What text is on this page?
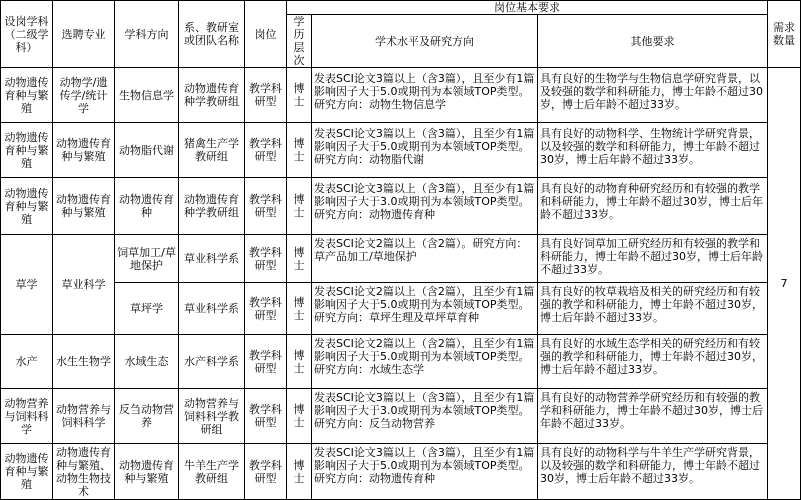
设岗学科（二级学科）	选聘专业	学科方向	系、教研室或团队名称	岗位	岗位基本要求			需求数量
					学历层次	学术水平及研究方向	其他要求	
动物遗传育种与繁殖	动物学/遗传学/统计学	生物信息学	动物遗传育种学教研组	教学科研型	博士	发表SCI论文3篇以上（含3篇），且至少有1篇影响因子大于5.0或期刊为本领域TOP类型。研究方向：动物生物信息学	具有良好的生物学与生物信息学研究背景，以及较强的数学和科研能力，博士年龄不超过30岁，博士后年龄不超过33岁。	7
动物遗传育种与繁殖	动物遗传育种与繁殖	动物脂代谢	猪禽生产学教研组	教学科研型	博士	发表SCI论文3篇以上（含3篇），且至少有1篇影响因子大于5.0或期刊为本领域TOP类型。研究方向：动物脂代谢	具有良好的动物科学、生物统计学研究背景，以及较强的数学和科研能力，博士年龄不超过30岁，博士后年龄不超过33岁。	
动物遗传育种与繁殖	动物遗传育种与繁殖	动物遗传育种	动物遗传育种学教研组	教学科研型	博士	发表SCI论文3篇以上（含3篇），且至少有1篇影响因子大于3.0或期刊为本领域TOP类型。研究方向：动物遗传育种	具有良好的动物育种研究经历和有较强的教学和科研能力，博士年龄不超过30岁，博士后年龄不超过33岁。	
草学	草业科学	饲草加工/草地保护	草业科学系	教学科研型	博士	发表SCI论文2篇以上（含2篇）。研究方向：草产品加工/草地保护	具有良好饲草加工研究经历和有较强的教学和科研能力，博士年龄不超过30岁，博士后年龄不超过33岁。	
		草坪学	草业科学系	教学科研型	博士	发表SCI论文2篇以上（含2篇），且至少有1篇影响因子大于5.0或期刊为本领域TOP类型。研究方向：草坪生理及草坪草育种	具有良好的牧草栽培及相关的研究经历和有较强的教学和科研能力，博士年龄不超过30岁，博士后年龄不超过33岁。	
水产	水生生物学	水域生态	水产科学系	教学科研型	博士	发表SCI论文2篇以上（含2篇），且至少有1篇影响因子大于5.0或期刊为本领域TOP类型。研究方向：水域生态学	具有良好的水域生态学相关的研究经历和有较强的教学和科研能力，博士年龄不超过30岁，博士后年龄不超过33岁。	
动物营养与饲料科学	动物营养与饲料科学	反刍动物营养	动物营养与饲料科学教研组	教学科研型	博士	发表SCI论文3篇以上（含3篇），且至少有1篇影响因子大于3.0或期刊为本领域TOP类型。研究方向：反刍动物营养	具有良好的动物营养学研究经历和有较强的教学和科研能力，博士年龄不超过30岁，博士后年龄不超过33岁。	
动物遗传育种与繁殖	动物遗传育种与繁殖、动物生物技术	动物遗传育种与繁殖	牛羊生产学教研组	教学科研型	博士	发表SCI论文3篇以上（含3篇），且至少有1篇影响因子大于5.0或期刊为本领域TOP类型。研究方向：动物遗传育种	具有良好的动物科学与牛羊生产学研究背景，以及较强的数学和科研能力，博士年龄不超过30岁，博士后年龄不超过33岁。	
